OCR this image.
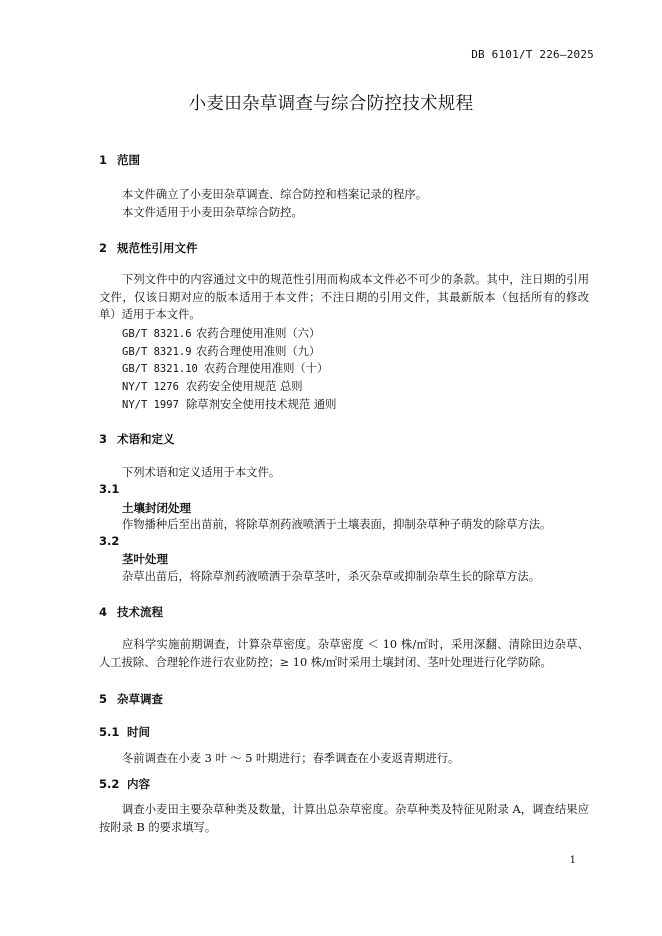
DB 6101/T 226—2025
小麦田杂草调查与综合防控技术规程
1 范围
本文件确立了小麦田杂草调查、综合防控和档案记录的程序。
本文件适用于小麦田杂草综合防控。
2 规范性引用文件
下列文件中的内容通过文中的规范性引用而构成本文件必不可少的条款。其中，注日期的引用文件，仅该日期对应的版本适用于本文件；不注日期的引用文件，其最新版本（包括所有的修改单）适用于本文件。
GB/T 8321.6 农药合理使用准则（六）
GB/T 8321.9 农药合理使用准则（九）
GB/T 8321.10 农药合理使用准则（十）
NY/T 1276 农药安全使用规范 总则
NY/T 1997 除草剂安全使用技术规范 通则
3 术语和定义
下列术语和定义适用于本文件。
3.1
土壤封闭处理
作物播种后至出苗前，将除草剂药液喷洒于土壤表面，抑制杂草种子萌发的除草方法。
3.2
茎叶处理
杂草出苗后，将除草剂药液喷洒于杂草茎叶，杀灭杂草或抑制杂草生长的除草方法。
4 技术流程
应科学实施前期调查，计算杂草密度。杂草密度 ＜ 10 株/㎡时，采用深翻、清除田边杂草、人工拔除、合理轮作进行农业防控；≥ 10 株/㎡时采用土壤封闭、茎叶处理进行化学防除。
5 杂草调查
5.1 时间
冬前调查在小麦 3 叶 ～ 5 叶期进行；春季调查在小麦返青期进行。
5.2 内容
调查小麦田主要杂草种类及数量，计算出总杂草密度。杂草种类及特征见附录 A，调查结果应按附录 B 的要求填写。
1
